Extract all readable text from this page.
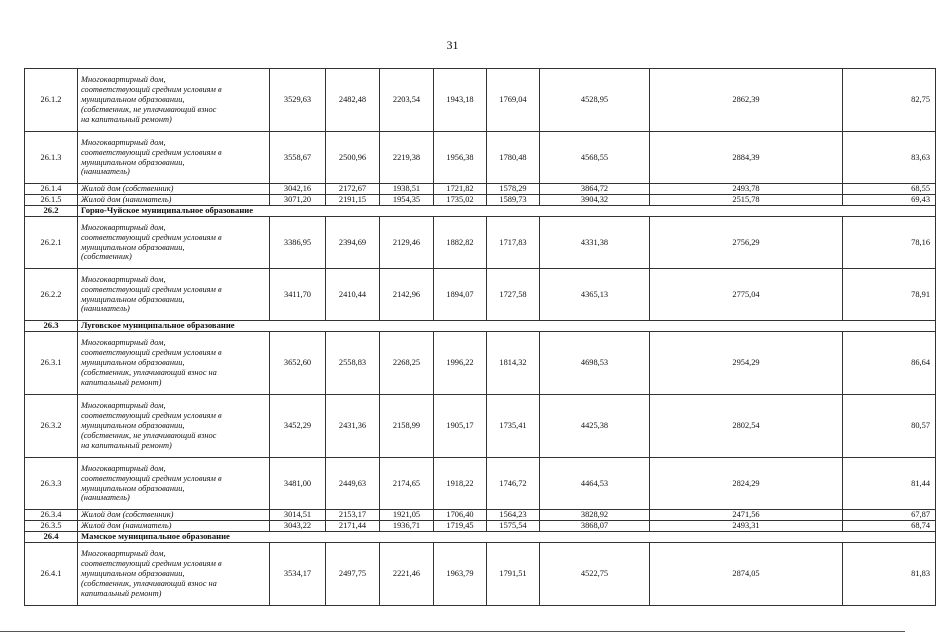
31
26.1.2	Многоквартирный дом,
соответствующий средним условиям в
муниципальном образовании,
(собственник, не уплачивающий взнос
на капитальный ремонт)	3529,63	2482,48	2203,54	1943,18	1769,04	4528,95	2862,39	82,75
26.1.3	Многоквартирный дом,
соответствующий средним условиям в
муниципальном образовании,
(наниматель)	3558,67	2500,96	2219,38	1956,38	1780,48	4568,55	2884,39	83,63
26.1.4	Жилой дом (собственник)	3042,16	2172,67	1938,51	1721,82	1578,29	3864,72	2493,78	68,55
26.1.5	Жилой дом (наниматель)	3071,20	2191,15	1954,35	1735,02	1589,73	3904,32	2515,78	69,43
26.2	Горно-Чуйское муниципальное образование								
26.2.1	Многоквартирный дом,
соответствующий средним условиям в
муниципальном образовании,
(собственник)	3386,95	2394,69	2129,46	1882,82	1717,83	4331,38	2756,29	78,16
26.2.2	Многоквартирный дом,
соответствующий средним условиям в
муниципальном образовании,
(наниматель)	3411,70	2410,44	2142,96	1894,07	1727,58	4365,13	2775,04	78,91
26.3	Луговское муниципальное образование								
26.3.1	Многоквартирный дом,
соответствующий средним условиям в
муниципальном образовании,
(собственник, уплачивающий взнос на
капитальный ремонт)	3652,60	2558,83	2268,25	1996,22	1814,32	4698,53	2954,29	86,64
26.3.2	Многоквартирный дом,
соответствующий средним условиям в
муниципальном образовании,
(собственник, не уплачивающий взнос
на капитальный ремонт)	3452,29	2431,36	2158,99	1905,17	1735,41	4425,38	2802,54	80,57
26.3.3	Многоквартирный дом,
соответствующий средним условиям в
муниципальном образовании,
(наниматель)	3481,00	2449,63	2174,65	1918,22	1746,72	4464,53	2824,29	81,44
26.3.4	Жилой дом (собственник)	3014,51	2153,17	1921,05	1706,40	1564,23	3828,92	2471,56	67,87
26.3.5	Жилой дом (наниматель)	3043,22	2171,44	1936,71	1719,45	1575,54	3868,07	2493,31	68,74
26.4	Мамское муниципальное образование								
26.4.1	Многоквартирный дом,
соответствующий средним условиям в
муниципальном образовании,
(собственник, уплачивающий взнос на
капитальный ремонт)	3534,17	2497,75	2221,46	1963,79	1791,51	4522,75	2874,05	81,83
